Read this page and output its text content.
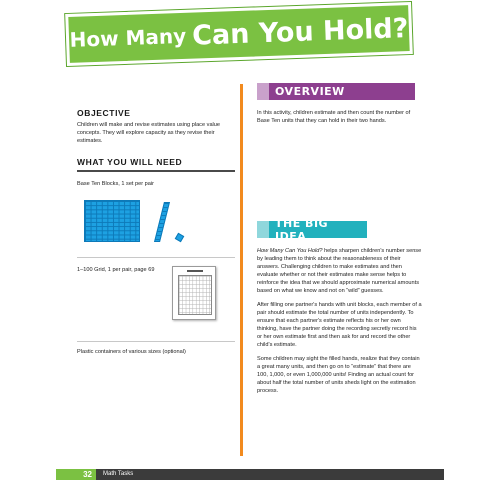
How Many Can You Hold?
OBJECTIVE
Children will make and revise estimates using place value concepts. They will explore capacity as they revise their estimates.
WHAT YOU WILL NEED
Base Ten Blocks, 1 set per pair
1–100 Grid, 1 per pair, page 69
Plastic containers of various sizes (optional)
OVERVIEW
In this activity, children estimate and then count the number of Base Ten units that they can hold in their two hands.
THE BIG IDEA
How Many Can You Hold? helps sharpen children's number sense by leading them to think about the reasonableness of their answers. Challenging children to make estimates and then evaluate whether or not their estimates make sense helps to reinforce the idea that we should approximate numerical amounts based on what we know and not on “wild” guesses.
After filling one partner's hands with unit blocks, each member of a pair should estimate the total number of units independently. To ensure that each partner's estimate reflects his or her own thinking, have the partner doing the recording secretly record his or her own estimate first and then ask for and record the other child's estimate.
Some children may sight the filled hands, realize that they contain a great many units, and then go on to “estimate” that there are 100, 1,000, or even 1,000,000 units! Finding an actual count for about half the total number of units sheds light on the estimation process.
32	Math Tasks
